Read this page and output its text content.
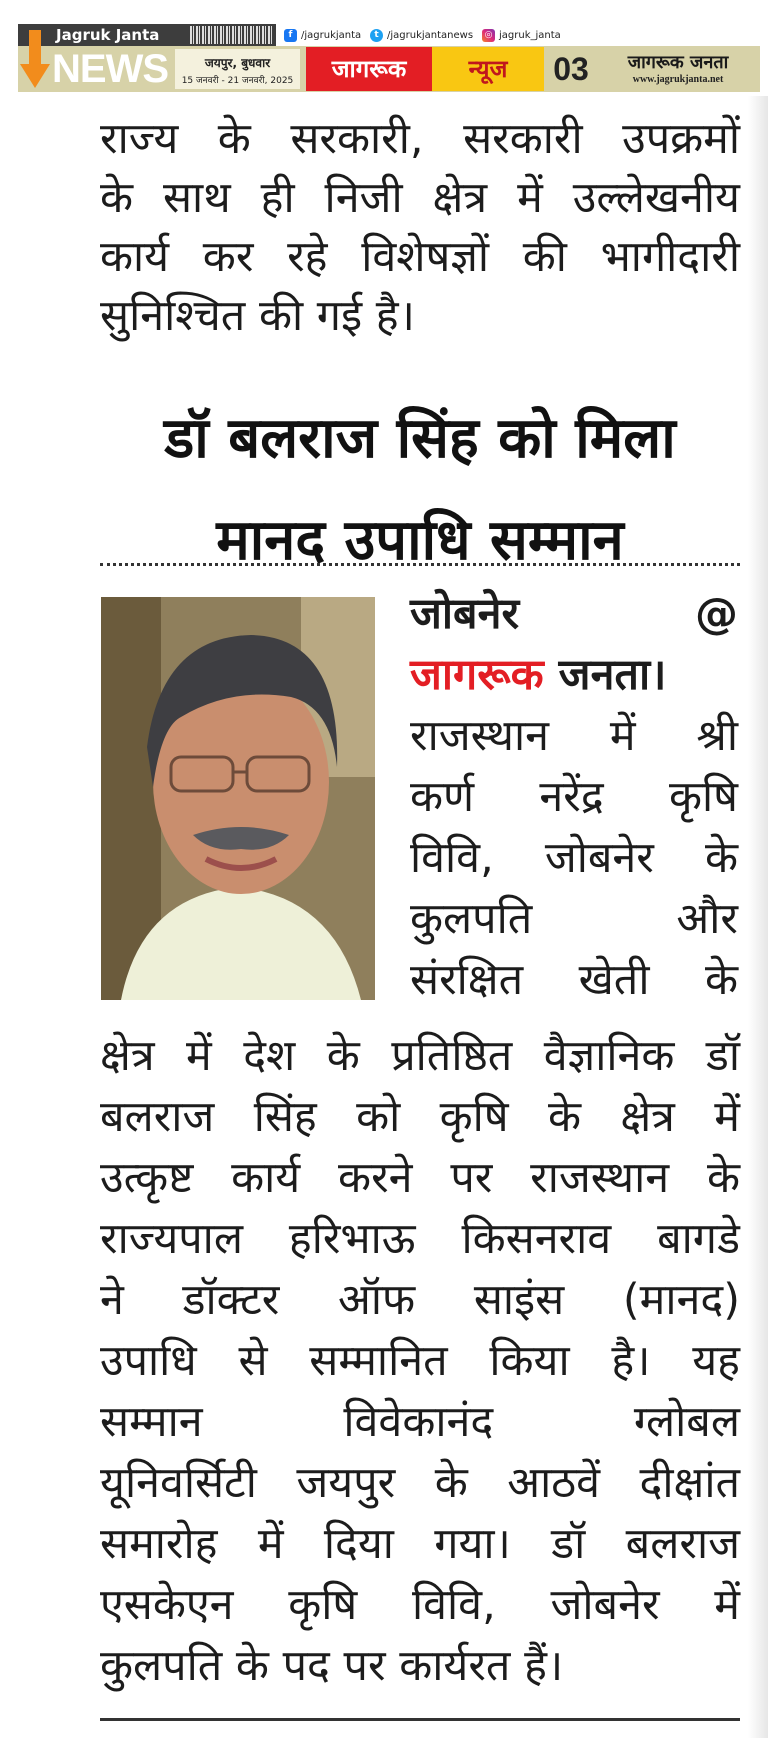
Jagruk Janta	f /jagrukjanta	t /jagrukjantanews ◎ jagruk_janta
NEWS	जयपुर, बुधवार
15 जनवरी - 21 जनवरी, 2025	जागरूक	न्यूज	03	जागरूक जनता
www.jagrukjanta.net
राज्य के सरकारी, सरकारी उपक्रमों
के साथ ही निजी क्षेत्र में उल्लेखनीय
कार्य कर रहे विशेषज्ञों की भागीदारी
सुनिश्चित की गई है।
डॉ बलराज सिंह को मिला
मानद उपाधि सम्मान
जोबनेर	@
जागरूक जनता।
राजस्थान में श्री
कर्ण नरेंद्र कृषि
विवि, जोबनेर के
कुलपति और
संरक्षित खेती के
क्षेत्र में देश के प्रतिष्ठित वैज्ञानिक डॉ
बलराज सिंह को कृषि के क्षेत्र में
उत्कृष्ट कार्य करने पर राजस्थान के
राज्यपाल हरिभाऊ किसनराव बागडे
ने डॉक्टर ऑफ साइंस (मानद)
उपाधि से सम्मानित किया है। यह
सम्मान विवेकानंद ग्लोबल
यूनिवर्सिटी जयपुर के आठवें दीक्षांत
समारोह में दिया गया। डॉ बलराज
एसकेएन कृषि विवि, जोबनेर में
कुलपति के पद पर कार्यरत हैं।
